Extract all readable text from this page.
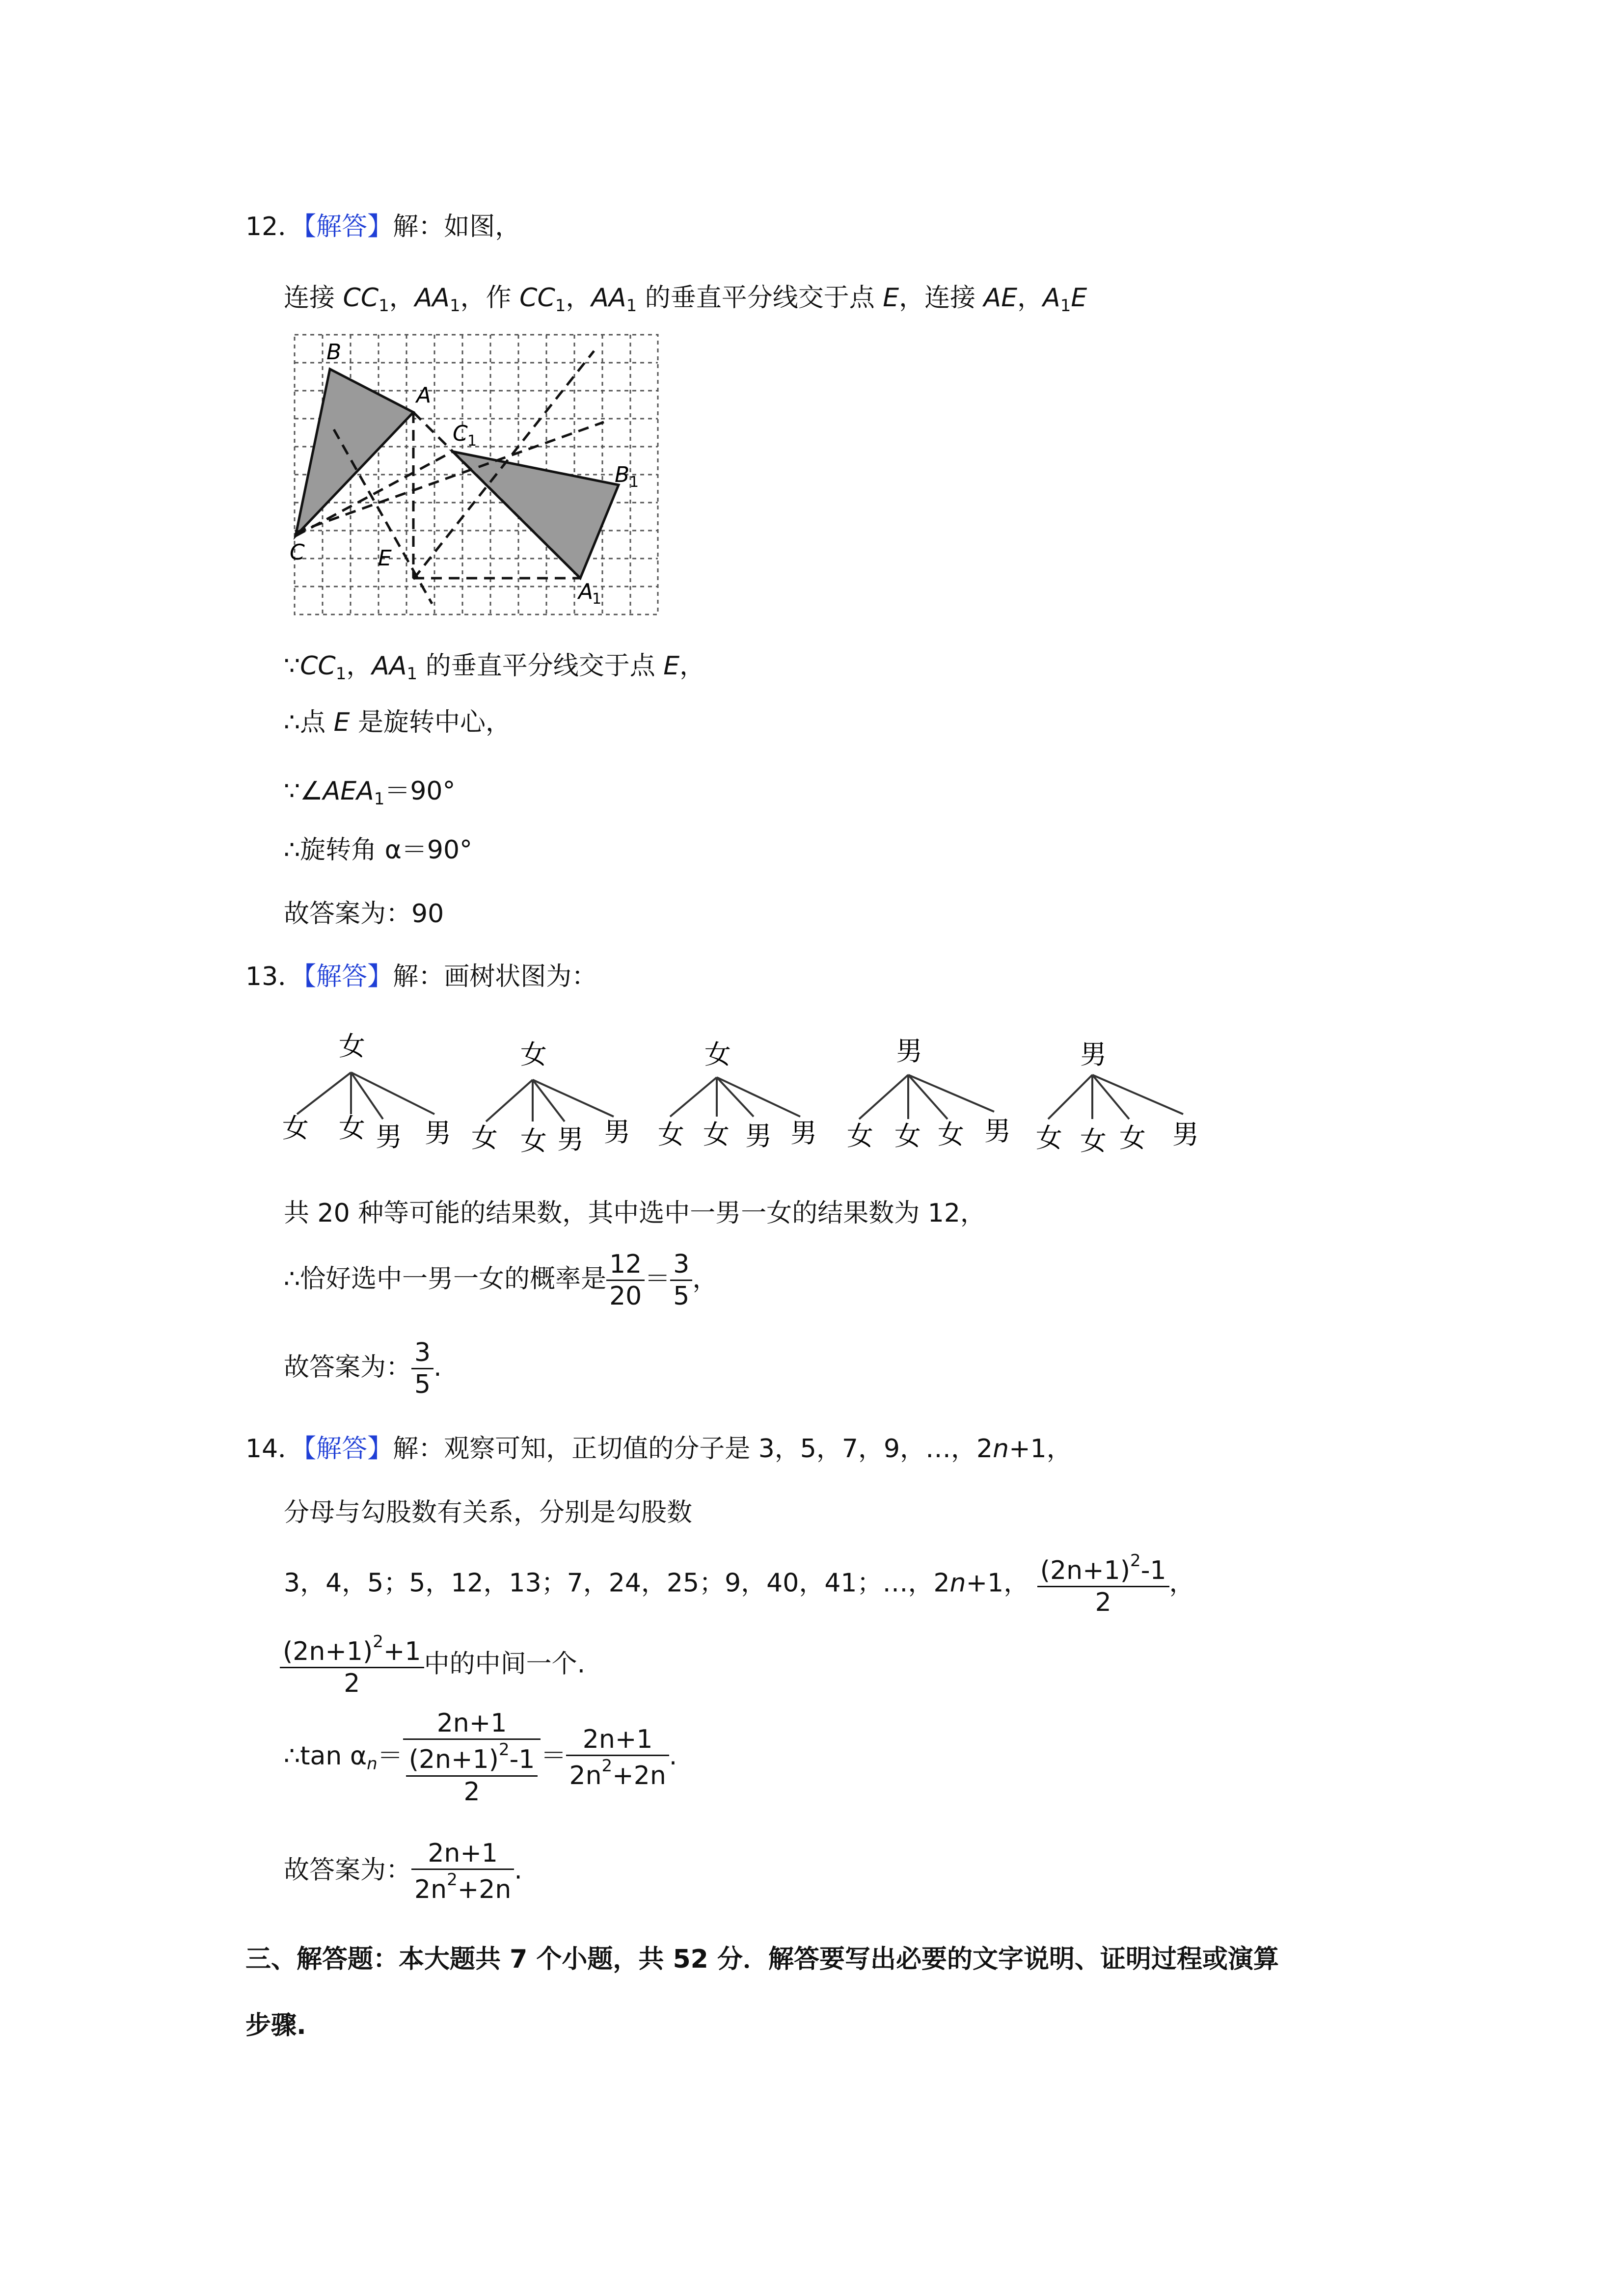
12．【解答】解：如图，
连接 $CC_1$，$AA_1$，作 $CC_1$，$AA_1$ 的垂直平分线交于点 E，连接 AE，$A_1E$
B
A
C 1
B 1
C	E
A
1
$\because CC_1$，$AA_1$ 的垂直平分线交于点 E，
∴点 E 是旋转中心，
$\because\angle AEA_1=90^\circ$
∴旋转角 α＝90°
故答案为：90
13．【解答】解：画树状图为：
女
女 女 男 男
女
女 女 男 男
女
女 女 男 男
男
女 女 女 男
男
女 女 女 男
共 20 种等可能的结果数，其中选中一男一女的结果数为 12，
∴恰好选中一男一女的概率是 $\frac{12}{20} = \frac{3}{5}$ ，
故答案为： $\frac{3}{5}$ .
14．【解答】解：观察可知，正切值的分子是 3，5，7，9，…，2n+1，
分母与勾股数有关系，分别是勾股数
3，4，5；5，12，13；7，24，25；9，40，41；…，2n+1， $\frac{(2n+1)^2-1}{2}$ ，
$\frac{(2n+1)^2+1}{2}$ 中的中间一个.
∴tan $\alpha_n= \frac{2n+1}{\frac{(2n+1)^2-1}{2}} = \frac{2n+1}{2n^2+2n}$ .
故答案为： $\frac{2n+1}{2n^2+2n}$ .
三、解答题：本大题共 7 个小题，共 52 分．解答要写出必要的文字说明、证明过程或演算
步骤.
